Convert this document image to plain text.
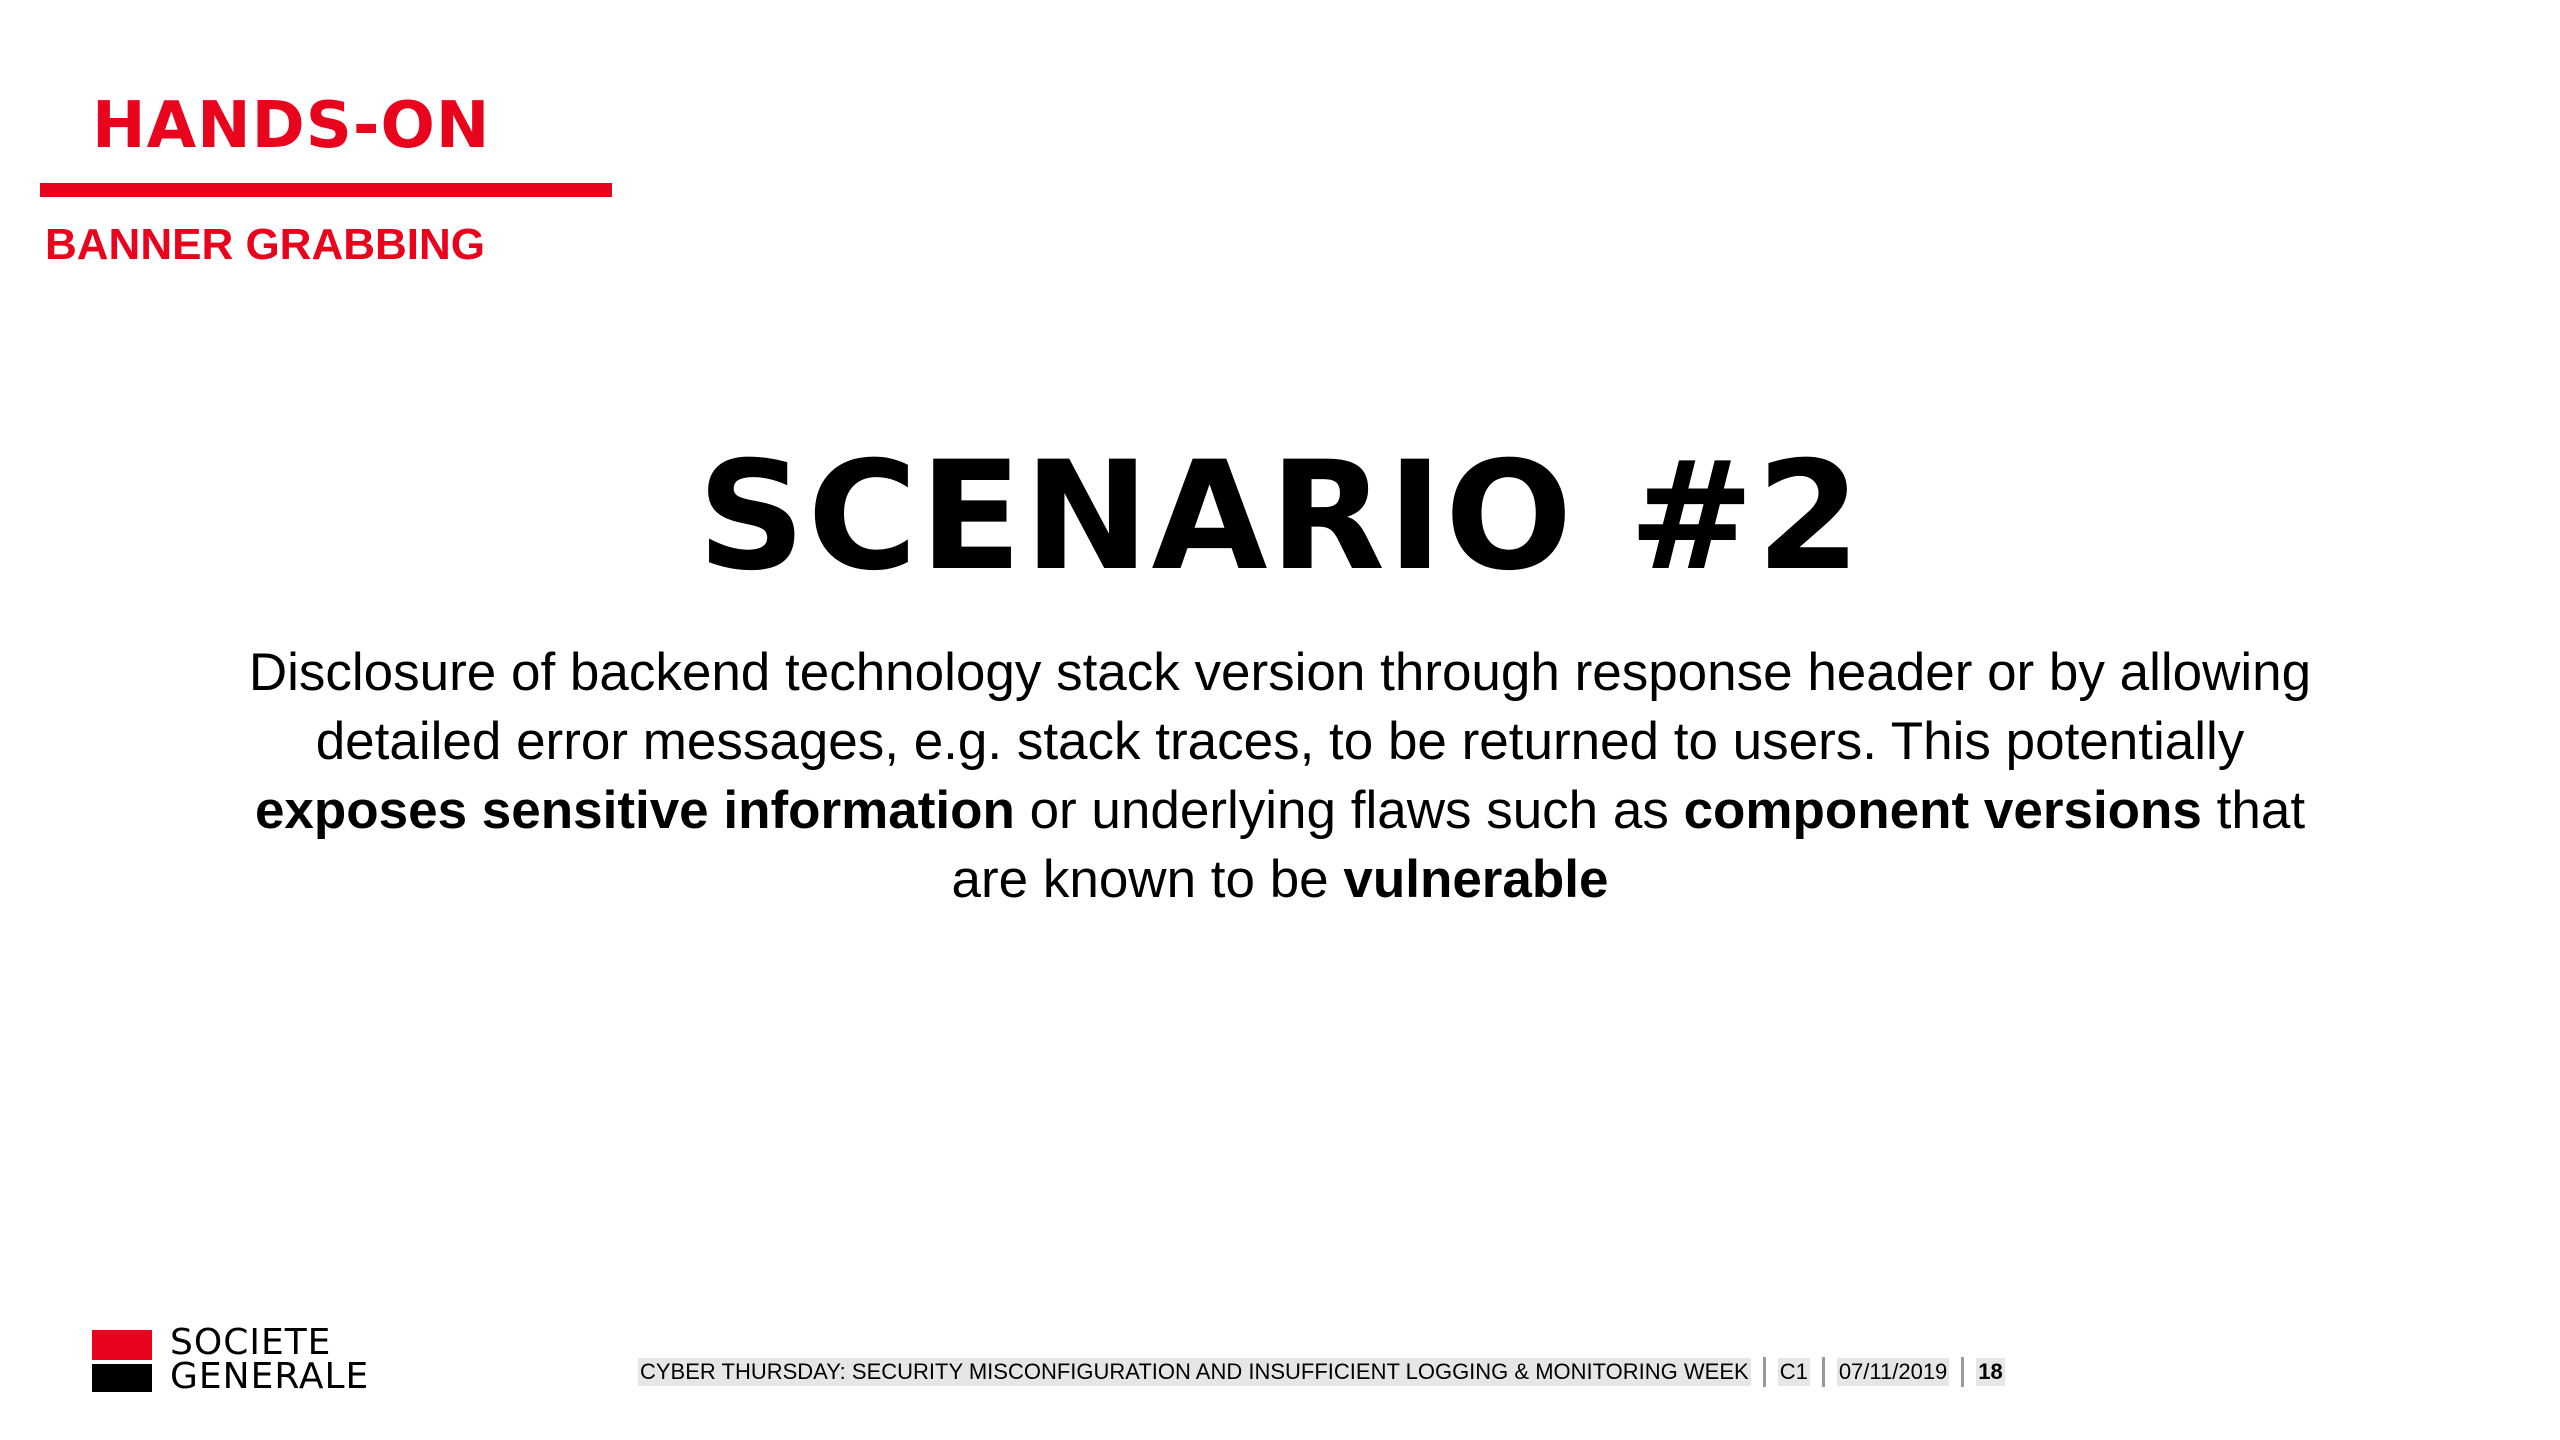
HANDS-ON
BANNER GRABBING
SCENARIO #2

Disclosure of backend technology stack version through response header or by allowing detailed error messages, e.g. stack traces, to be returned to users. This potentially exposes sensitive information or underlying flaws such as component versions that are known to be vulnerable

SOCIETE
GENERALE	CYBER THURSDAY: SECURITY MISCONFIGURATION AND INSUFFICIENT LOGGING & MONITORING WEEK C1 07/11/2019 18
